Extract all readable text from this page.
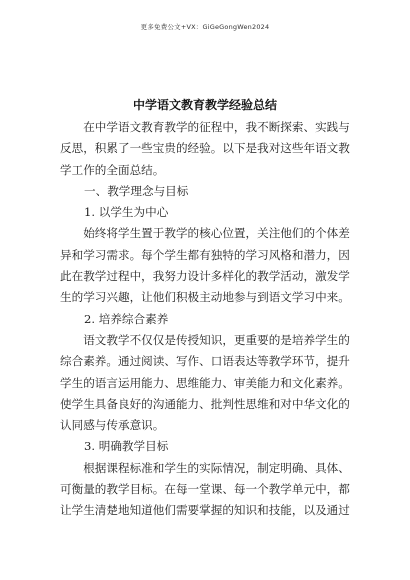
更多免费公文+VX：GiGeGongWen2024
中学语文教育教学经验总结
　　在中学语文教育教学的征程中，我不断探索、实践与
反思，积累了一些宝贵的经验。以下是我对这些年语文教
学工作的全面总结。
一、教学理念与目标
1. 以学生为中心
　　始终将学生置于教学的核心位置，关注他们的个体差
异和学习需求。每个学生都有独特的学习风格和潜力，因
此在教学过程中，我努力设计多样化的教学活动，激发学
生的学习兴趣，让他们积极主动地参与到语文学习中来。
2. 培养综合素养
　　语文教学不仅仅是传授知识，更重要的是培养学生的
综合素养。通过阅读、写作、口语表达等教学环节，提升
学生的语言运用能力、思维能力、审美能力和文化素养。
使学生具备良好的沟通能力、批判性思维和对中华文化的
认同感与传承意识。
3. 明确教学目标
　　根据课程标准和学生的实际情况，制定明确、具体、
可衡量的教学目标。在每一堂课、每一个教学单元中，都
让学生清楚地知道他们需要掌握的知识和技能，以及通过
